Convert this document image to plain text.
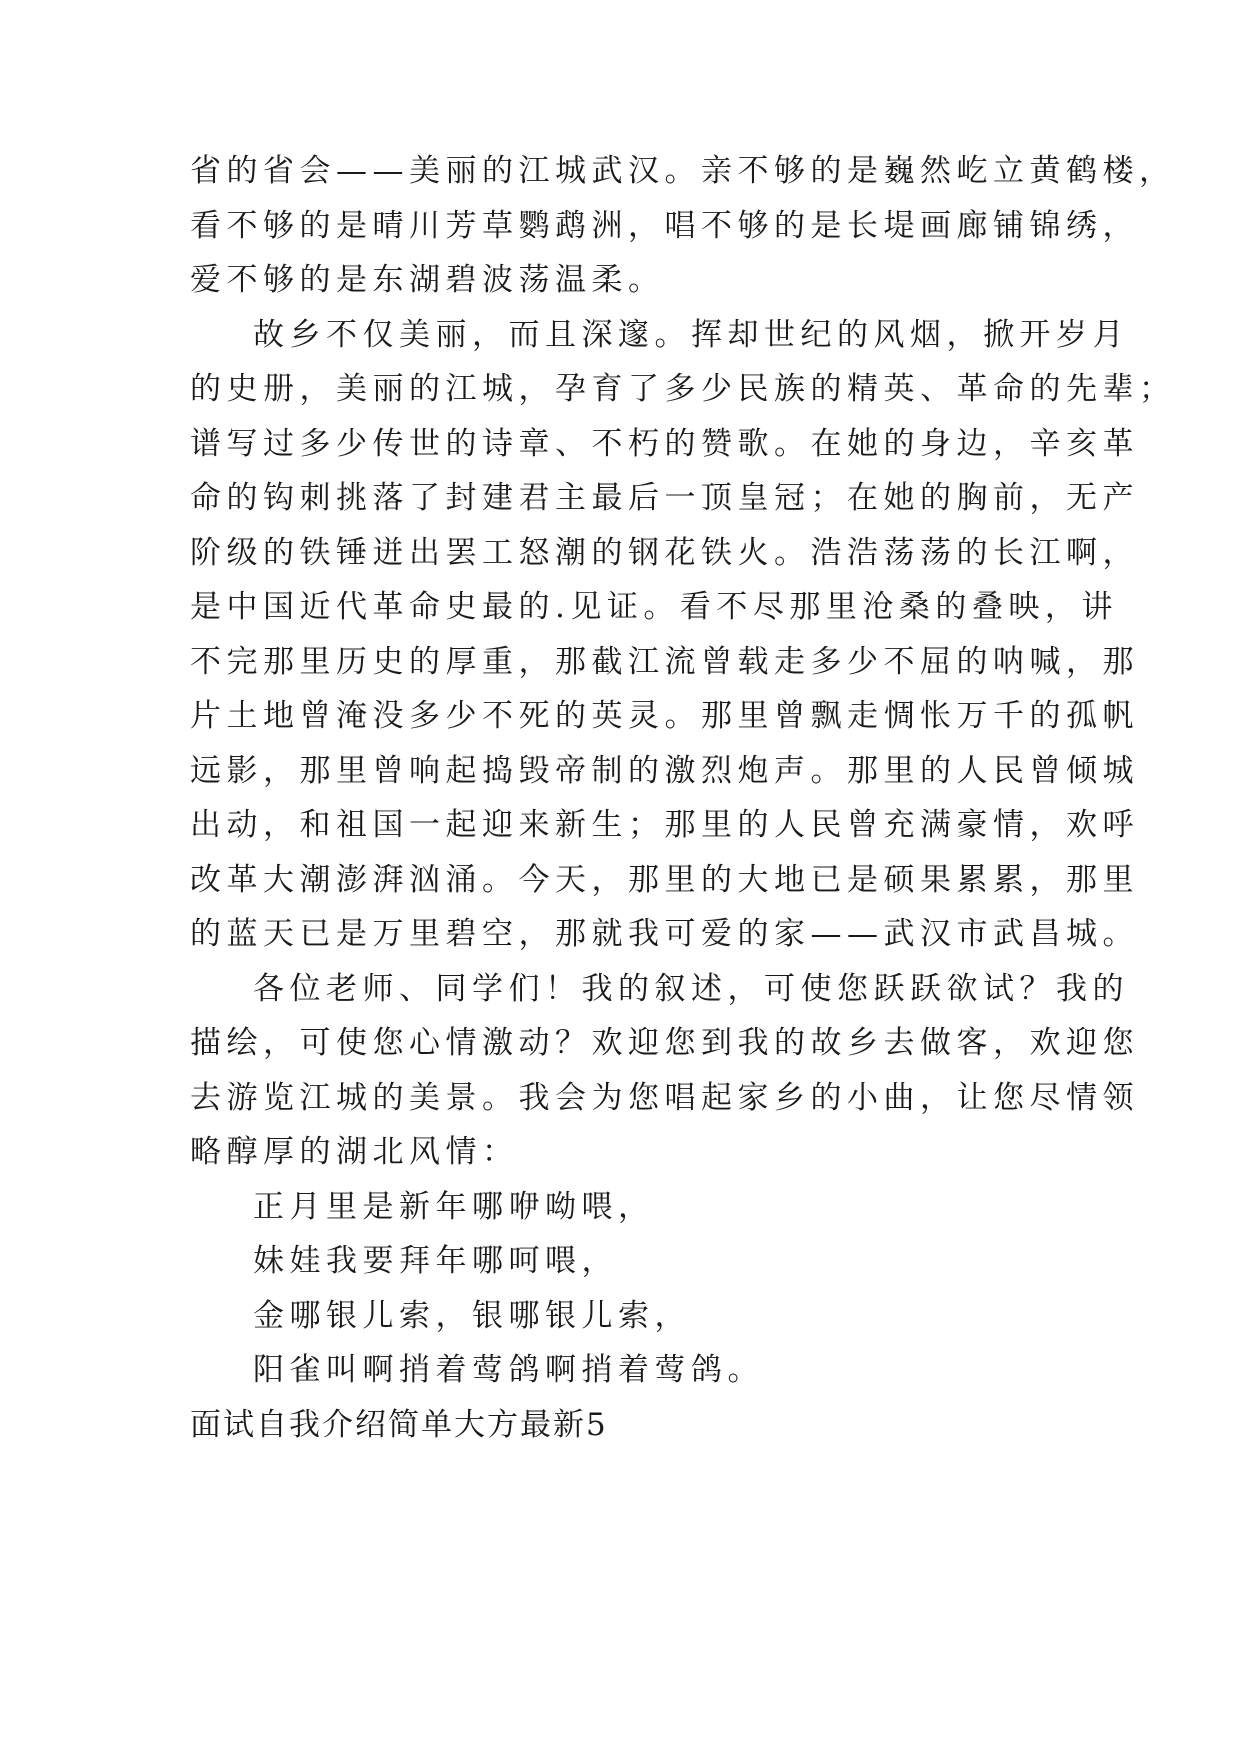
省的省会——美丽的江城武汉。亲不够的是巍然屹立黄鹤楼，
看不够的是晴川芳草鹦鹉洲，唱不够的是长堤画廊铺锦绣，
爱不够的是东湖碧波荡温柔。
故乡不仅美丽，而且深邃。挥却世纪的风烟，掀开岁月
的史册，美丽的江城，孕育了多少民族的精英、革命的先辈；
谱写过多少传世的诗章、不朽的赞歌。在她的身边，辛亥革
命的钩刺挑落了封建君主最后一顶皇冠；在她的胸前，无产
阶级的铁锤迸出罢工怒潮的钢花铁火。浩浩荡荡的长江啊，
是中国近代革命史最的.见证。看不尽那里沧桑的叠映，讲
不完那里历史的厚重，那截江流曾载走多少不屈的呐喊，那
片土地曾淹没多少不死的英灵。那里曾飘走惆怅万千的孤帆
远影，那里曾响起捣毁帝制的激烈炮声。那里的人民曾倾城
出动，和祖国一起迎来新生；那里的人民曾充满豪情，欢呼
改革大潮澎湃汹涌。今天，那里的大地已是硕果累累，那里
的蓝天已是万里碧空，那就我可爱的家——武汉市武昌城。
各位老师、同学们！我的叙述，可使您跃跃欲试？我的
描绘，可使您心情激动？欢迎您到我的故乡去做客，欢迎您
去游览江城的美景。我会为您唱起家乡的小曲，让您尽情领
略醇厚的湖北风情：
正月里是新年哪咿呦喂，
妹娃我要拜年哪呵喂，
金哪银儿索，银哪银儿索，
阳雀叫啊捎着莺鸽啊捎着莺鸽。
面试自我介绍简单大方最新5
